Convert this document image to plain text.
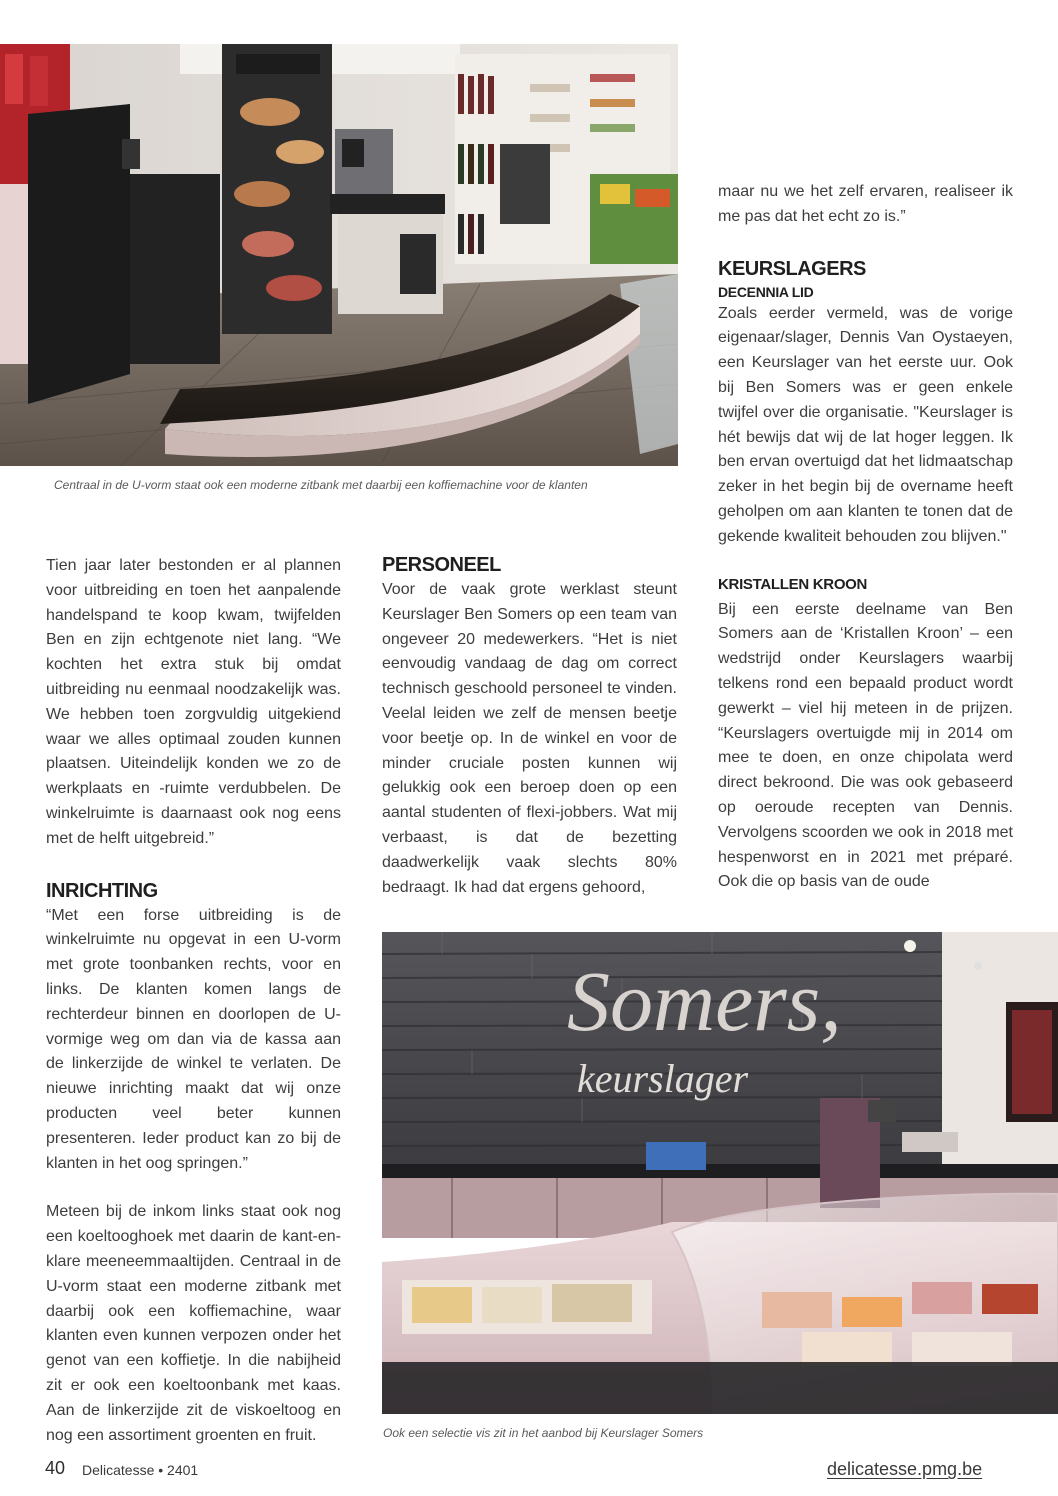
Centraal in de U-vorm staat ook een moderne zitbank met daarbij een koffiemachine voor de klanten

maar nu we het zelf ervaren, realiseer ik me pas dat het echt zo is.”

KEURSLAGERS
DECENNIA LID

Zoals eerder vermeld, was de vorige eigenaar/slager, Dennis Van Oystaeyen, een Keurslager van het eerste uur. Ook bij Ben Somers was er geen enkele twijfel over die organisatie. "Keurslager is hét bewijs dat wij de lat hoger leggen. Ik ben ervan overtuigd dat het lidmaatschap zeker in het begin bij de overname heeft geholpen om aan klanten te tonen dat de gekende kwaliteit behouden zou blijven."

KRISTALLEN KROON

Bij een eerste deelname van Ben Somers aan de ‘Kristallen Kroon’ – een wedstrijd onder Keurslagers waarbij telkens rond een bepaald product wordt gewerkt – viel hij meteen in de prijzen. “Keurslagers overtuigde mij in 2014 om mee te doen, en onze chipolata werd direct bekroond. Die was ook gebaseerd op oeroude recepten van Dennis. Vervolgens scoorden we ook in 2018 met hespenworst en in 2021 met préparé. Ook die op basis van de oude

Tien jaar later bestonden er al plannen voor uitbreiding en toen het aanpalende handelspand te koop kwam, twijfelden Ben en zijn echtgenote niet lang. “We kochten het extra stuk bij omdat uitbreiding nu eenmaal noodzakelijk was. We hebben toen zorgvuldig uitgekiend waar we alles optimaal zouden kunnen plaatsen. Uiteindelijk konden we zo de werkplaats en -ruimte verdubbelen. De winkelruimte is daarnaast ook nog eens met de helft uitgebreid.”

INRICHTING

“Met een forse uitbreiding is de winkelruimte nu opgevat in een U-vorm met grote toonbanken rechts, voor en links. De klanten komen langs de rechterdeur binnen en doorlopen de U-vormige weg om dan via de kassa aan de linkerzijde de winkel te verlaten. De nieuwe inrichting maakt dat wij onze producten veel beter kunnen presenteren. Ieder product kan zo bij de klanten in het oog springen.”

Meteen bij de inkom links staat ook nog een koeltooghoek met daarin de kant-en-klare meeneemmaaltijden. Centraal in de U-vorm staat een moderne zitbank met daarbij ook een koffiemachine, waar klanten even kunnen verpozen onder het genot van een koffietje. In die nabijheid zit er ook een koeltoonbank met kaas. Aan de linkerzijde zit de viskoeltoog en nog een assortiment groenten en fruit.

PERSONEEL

Voor de vaak grote werklast steunt Keurslager Ben Somers op een team van ongeveer 20 medewerkers. “Het is niet eenvoudig vandaag de dag om correct technisch geschoold personeel te vinden. Veelal leiden we zelf de mensen beetje voor beetje op. In de winkel en voor de minder cruciale posten kunnen wij gelukkig ook een beroep doen op een aantal studenten of flexi-jobbers. Wat mij verbaast, is dat de bezetting daadwerkelijk vaak slechts 80% bedraagt. Ik had dat ergens gehoord,

Somers,
keurslager
Ook een selectie vis zit in het aanbod bij Keurslager Somers
40 Delicatesse • 2401	delicatesse.pmg.be
